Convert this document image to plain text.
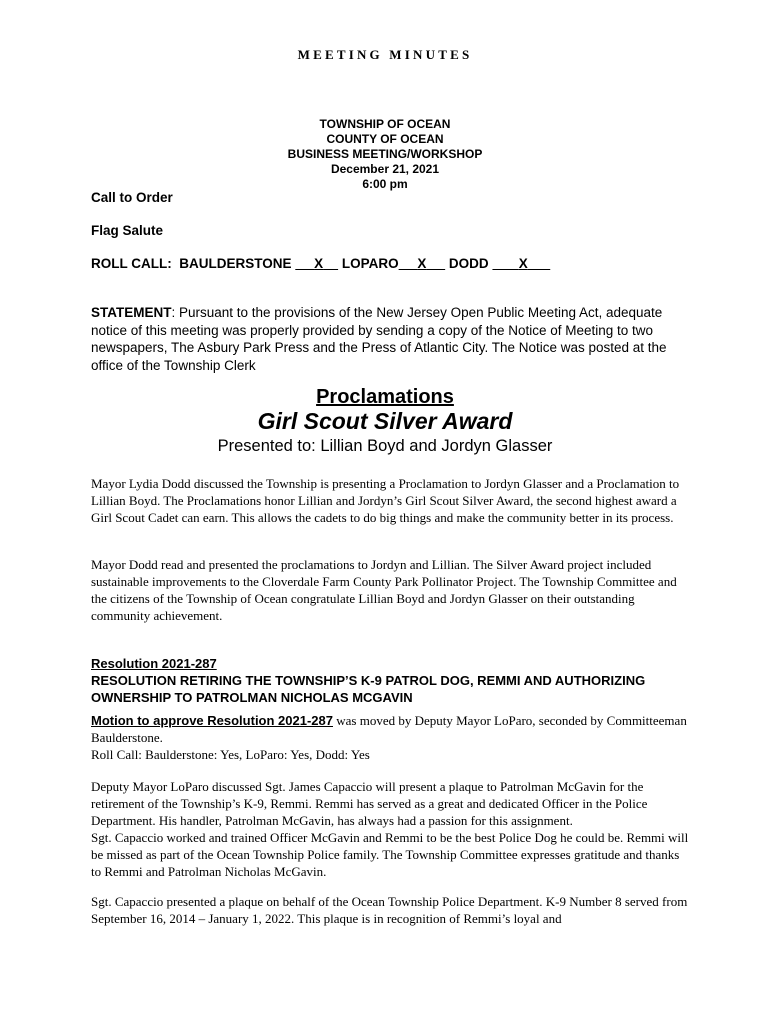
MEETING MINUTES
TOWNSHIP OF OCEAN
COUNTY OF OCEAN
BUSINESS MEETING/WORKSHOP
December 21, 2021
6:00 pm
Call to Order
Flag Salute
ROLL CALL: BAULDERSTONE X LOPARO X DODD X
STATEMENT: Pursuant to the provisions of the New Jersey Open Public Meeting Act, adequate notice of this meeting was properly provided by sending a copy of the Notice of Meeting to two newspapers, The Asbury Park Press and the Press of Atlantic City. The Notice was posted at the office of the Township Clerk
Proclamations
Girl Scout Silver Award
Presented to: Lillian Boyd and Jordyn Glasser
Mayor Lydia Dodd discussed the Township is presenting a Proclamation to Jordyn Glasser and a Proclamation to Lillian Boyd. The Proclamations honor Lillian and Jordyn’s Girl Scout Silver Award, the second highest award a Girl Scout Cadet can earn. This allows the cadets to do big things and make the community better in its process.
Mayor Dodd read and presented the proclamations to Jordyn and Lillian. The Silver Award project included sustainable improvements to the Cloverdale Farm County Park Pollinator Project. The Township Committee and the citizens of the Township of Ocean congratulate Lillian Boyd and Jordyn Glasser on their outstanding community achievement.
Resolution 2021-287
RESOLUTION RETIRING THE TOWNSHIP’S K-9 PATROL DOG, REMMI AND AUTHORIZING OWNERSHIP TO PATROLMAN NICHOLAS MCGAVIN
Motion to approve Resolution 2021-287 was moved by Deputy Mayor LoParo, seconded by Committeeman Baulderstone.
Roll Call: Baulderstone: Yes, LoParo: Yes, Dodd: Yes
Deputy Mayor LoParo discussed Sgt. James Capaccio will present a plaque to Patrolman McGavin for the retirement of the Township’s K-9, Remmi. Remmi has served as a great and dedicated Officer in the Police Department. His handler, Patrolman McGavin, has always had a passion for this assignment.
Sgt. Capaccio worked and trained Officer McGavin and Remmi to be the best Police Dog he could be. Remmi will be missed as part of the Ocean Township Police family. The Township Committee expresses gratitude and thanks to Remmi and Patrolman Nicholas McGavin.
Sgt. Capaccio presented a plaque on behalf of the Ocean Township Police Department. K-9 Number 8 served from September 16, 2014 – January 1, 2022. This plaque is in recognition of Remmi’s loyal and
